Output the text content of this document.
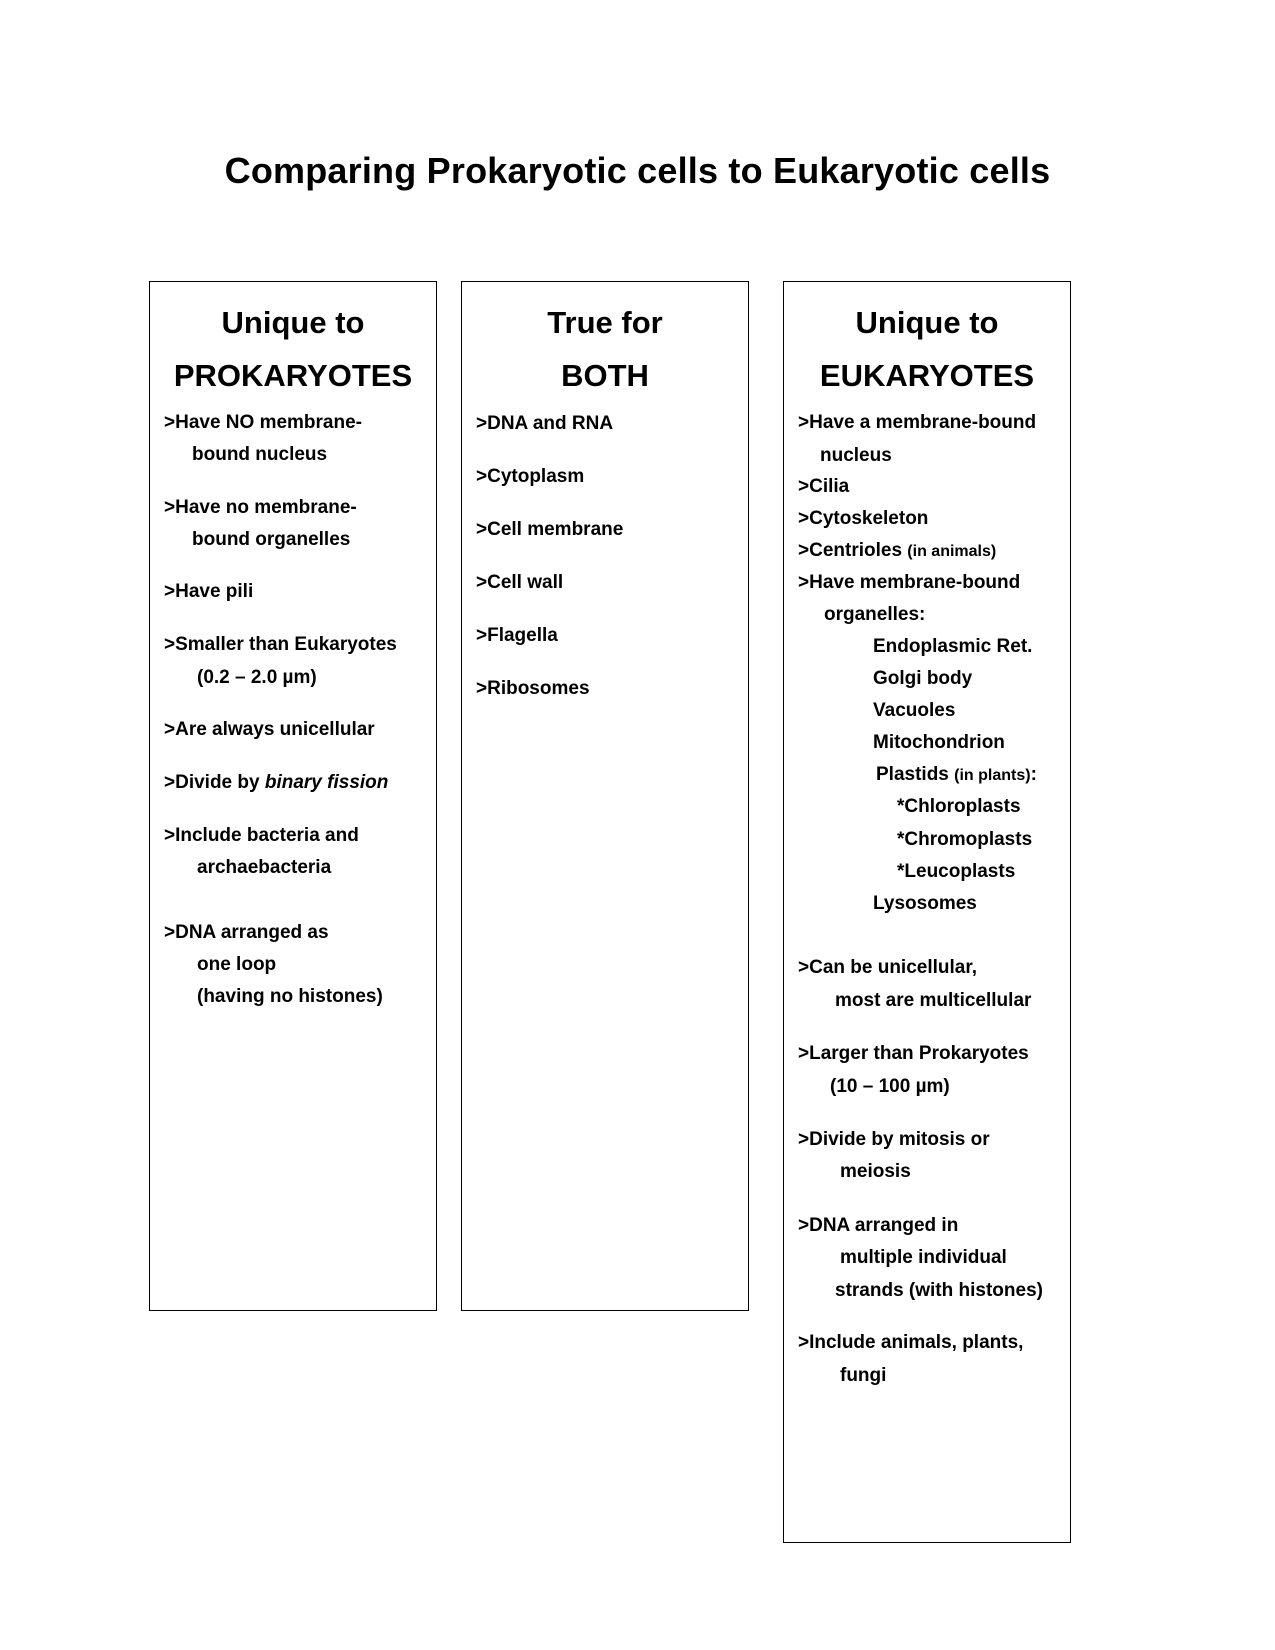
Comparing Prokaryotic cells to Eukaryotic cells
Unique to
PROKARYOTES
>Have NO membrane-
bound nucleus
>Have no membrane-
bound organelles
>Have pili
>Smaller than Eukaryotes
(0.2 – 2.0 µm)
>Are always unicellular
>Divide by binary fission
>Include bacteria and
archaebacteria
>DNA arranged as
one loop
(having no histones)
True for
BOTH
>DNA and RNA
>Cytoplasm
>Cell membrane
>Cell wall
>Flagella
>Ribosomes
Unique to
EUKARYOTES
>Have a membrane-bound
nucleus
>Cilia
>Cytoskeleton
>Centrioles (in animals)
>Have membrane-bound
organelles:
Endoplasmic Ret.
Golgi body
Vacuoles
Mitochondrion
Plastids (in plants):
*Chloroplasts
*Chromoplasts
*Leucoplasts
Lysosomes
>Can be unicellular,
most are multicellular
>Larger than Prokaryotes
(10 – 100 µm)
>Divide by mitosis or
meiosis
>DNA arranged in
multiple individual
strands (with histones)
>Include animals, plants,
fungi
